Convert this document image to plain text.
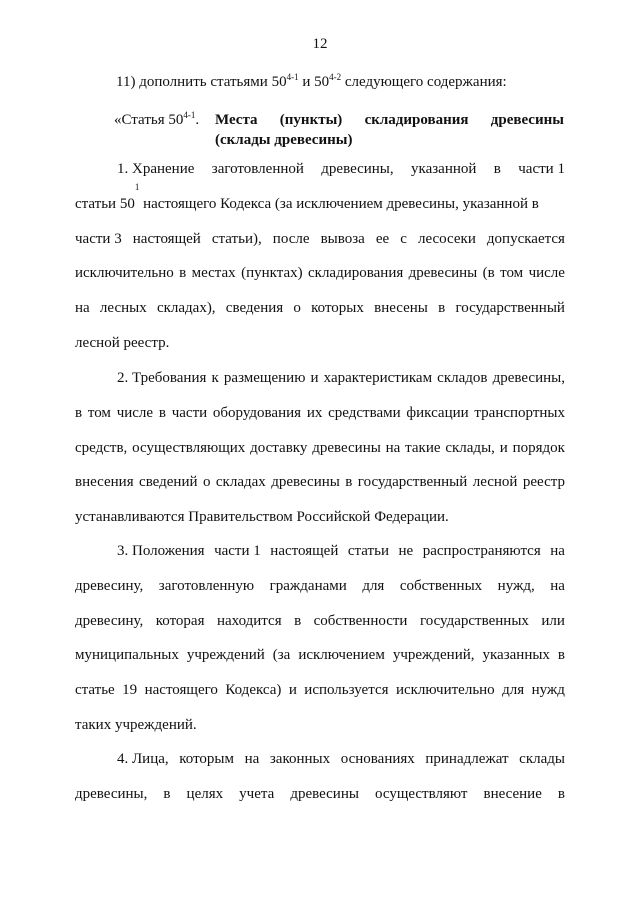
12
11) дополнить статьями 50$^{4-1}$ и 50$^{4-2}$ следующего содержания:
«Статья 50$^{4-1}$.	Места (пункты) складирования древесины
(склады древесины)
1. Хранение заготовленной древесины, указанной в части 1
статьи 50
1
настоящего Кодекса (за исключением древесины, указанной в
части 3 настоящей статьи), после вывоза ее с лесосеки допускается
исключительно в местах (пунктах) складирования древесины (в том числе
на лесных складах), сведения о которых внесены в государственный
лесной реестр.
2. Требования к размещению и характеристикам складов древесины,
в том числе в части оборудования их средствами фиксации транспортных
средств, осуществляющих доставку древесины на такие склады, и порядок
внесения сведений о складах древесины в государственный лесной реестр
устанавливаются Правительством Российской Федерации.
3. Положения части 1 настоящей статьи не распространяются на
древесину, заготовленную гражданами для собственных нужд, на
древесину, которая находится в собственности государственных или
муниципальных учреждений (за исключением учреждений, указанных в
статье 19 настоящего Кодекса) и используется исключительно для нужд
таких учреждений.
4. Лица, которым на законных основаниях принадлежат склады
древесины, в целях учета древесины осуществляют внесение в
